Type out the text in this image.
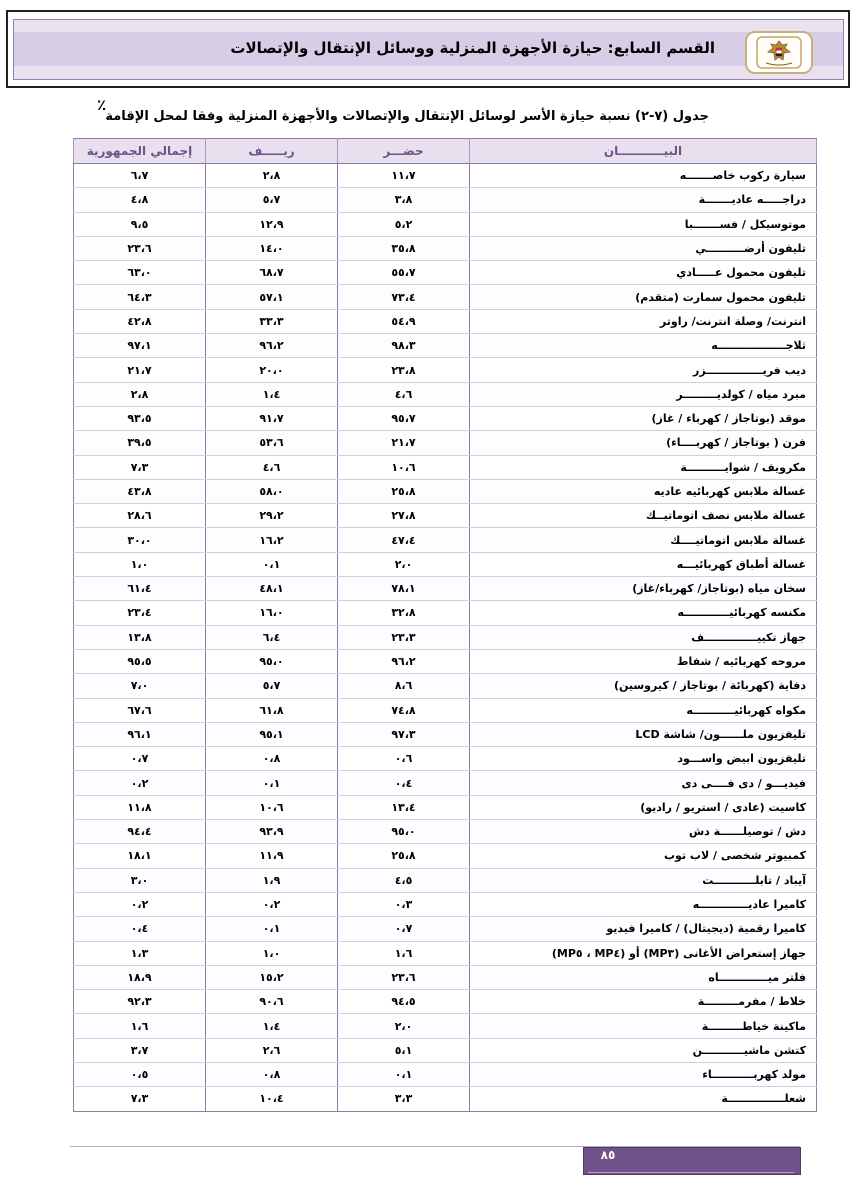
القسم السابع: حيازة الأجهزة المنزلية ووسائل الإنتقال والإتصالات
٪
جدول (٧-٢) نسبة حيازة الأسر لوسائل الإنتقال والإتصالات والأجهزة المنزلية وفقا لمحل الإقامة
البيـــــــــــان	حضـــر	ريـــــف	إجمالي الجمهورية
سيارة ركوب خاصـــــــه	١١،٧	٢،٨	٦،٧
دراجـــــه عاديـــــــة	٣،٨	٥،٧	٤،٨
موتوسيكل / فســـــــبا	٥،٢	١٢،٩	٩،٥
تليفون أرضــــــــــي	٣٥،٨	١٤،٠	٢٣،٦
تليفون محمول عـــــادي	٥٥،٧	٦٨،٧	٦٣،٠
تليفون محمول سمارت (متقدم)	٧٣،٤	٥٧،١	٦٤،٣
انترنت/ وصلة انترنت/ راوتر	٥٤،٩	٣٣،٣	٤٢،٨
ثلاجــــــــــــــــــه	٩٨،٣	٩٦،٢	٩٧،١
ديب فريـــــــــــــــزر	٢٣،٨	٢٠،٠	٢١،٧
مبرد مياه / كولديـــــــــر	٤،٦	١،٤	٢،٨
موقد (بوتاجاز / كهرباء / غاز)	٩٥،٧	٩١،٧	٩٣،٥
فرن ( بوتاجاز / كهربــــاء)	٢١،٧	٥٣،٦	٣٩،٥
مكرويف / شوايــــــــــة	١٠،٦	٤،٦	٧،٣
غسالة ملابس كهربائيه عاديه	٢٥،٨	٥٨،٠	٤٣،٨
غسالة ملابس نصف اتوماتيــك	٢٧،٨	٢٩،٢	٢٨،٦
غسالة ملابس اتوماتيــــك	٤٧،٤	١٦،٢	٣٠،٠
غسالة أطباق كهربائيـــه	٢،٠	٠،١	١،٠
سخان مياه (بوتاجاز/ كهرباء/غاز)	٧٨،١	٤٨،١	٦١،٤
مكنسه كهربائيــــــــــــه	٣٢،٨	١٦،٠	٢٣،٤
جهاز تكييــــــــــــــف	٢٣،٣	٦،٤	١٣،٨
مروحه كهربائيه / شفاط	٩٦،٢	٩٥،٠	٩٥،٥
دفاية (كهربائة / بوتاجاز / كيروسين)	٨،٦	٥،٧	٧،٠
مكواه كهربائيـــــــــــه	٧٤،٨	٦١،٨	٦٧،٦
تليفزيون ملــــــون/ شاشة LCD	٩٧،٣	٩٥،١	٩٦،١
تليفزيون ابيض واســـود	٠،٦	٠،٨	٠،٧
فيديـــو / دى فــــى دى	٠،٤	٠،١	٠،٢
كاسيت (عادى / استريو / راديو)	١٣،٤	١٠،٦	١١،٨
دش / توصيلــــــة دش	٩٥،٠	٩٣،٩	٩٤،٤
كمبيوتر شخصى / لاب توب	٢٥،٨	١١،٩	١٨،١
آيباد / تابلـــــــــــت	٤،٥	١،٩	٣،٠
كاميرا عاديـــــــــــــه	٠،٣	٠،٢	٠،٢
كاميرا رقمية (ديجيتال) / كاميرا فيديو	٠،٧	٠،١	٠،٤
جهاز إستعراض الأغانى (MP٣) أو (MP٤ ، MP٥)	١،٦	١،٠	١،٣
فلتر ميـــــــــــــاه	٢٣،٦	١٥،٢	١٨،٩
خلاط / مفرمـــــــــة	٩٤،٥	٩٠،٦	٩٢،٣
ماكينة خياطـــــــــة	٢،٠	١،٤	١،٦
كتشن ماشيـــــــــــن	٥،١	٢،٦	٣،٧
مولد كهربـــــــــــاء	٠،١	٠،٨	٠،٥
شعلـــــــــــــــة	٣،٣	١٠،٤	٧،٣
٨٥
